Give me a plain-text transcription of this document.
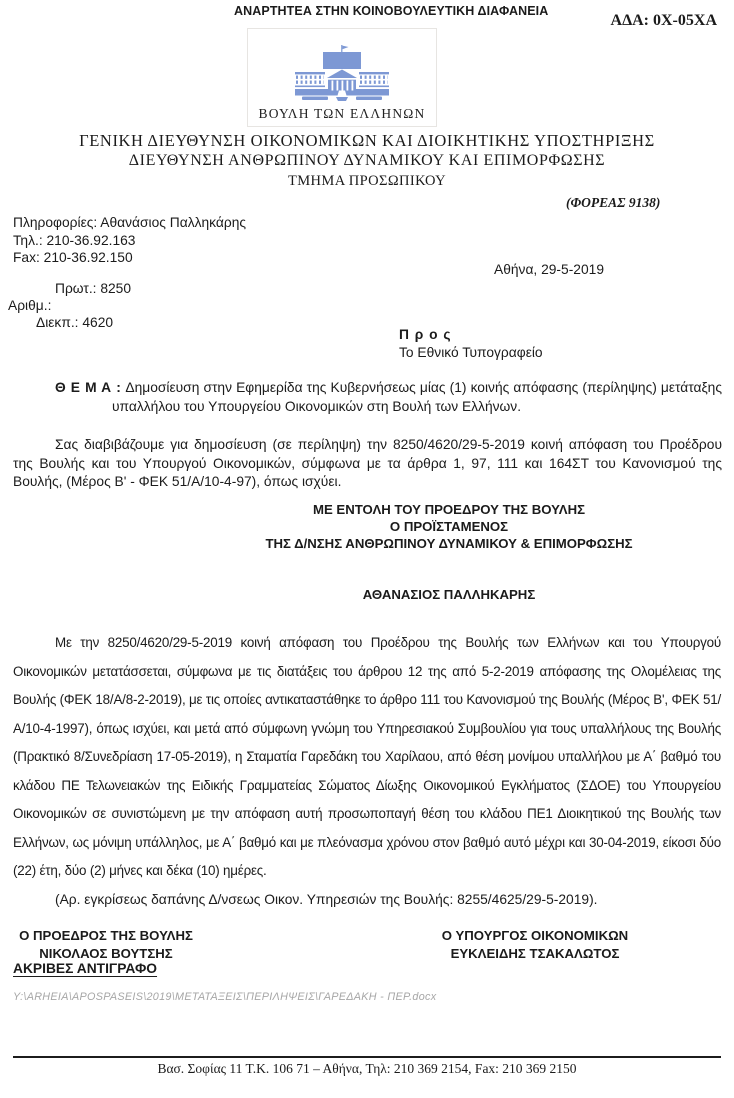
ΑΝΑΡΤΗΤΕΑ ΣΤΗΝ ΚΟΙΝΟΒΟΥΛΕΥΤΙΚΗ ΔΙΑΦΑΝΕΙΑ
ΑΔΑ: 0X-05XA
ΒΟΥΛΗ ΤΩΝ ΕΛΛΗΝΩΝ
ΓΕΝΙΚΗ ΔΙΕΥΘΥΝΣΗ ΟΙΚΟΝΟΜΙΚΩΝ ΚΑΙ ΔΙΟΙΚΗΤΙΚΗΣ ΥΠΟΣΤΗΡΙΞΗΣ
ΔΙΕΥΘΥΝΣΗ ΑΝΘΡΩΠΙΝΟΥ ΔΥΝΑΜΙΚΟΥ ΚΑΙ ΕΠΙΜΟΡΦΩΣΗΣ
ΤΜΗΜΑ ΠΡΟΣΩΠΙΚΟΥ
(ΦΟΡΕΑΣ 9138)
Πληροφορίες: Αθανάσιος Παλληκάρης
Τηλ.: 210-36.92.163
Fax: 210-36.92.150
Αθήνα, 29-5-2019
Πρωτ.: 8250
Αριθμ.:
Διεκπ.: 4620
Π ρ ο ς
Το Εθνικό Τυπογραφείο
Θ Ε Μ Α : Δημοσίευση στην Εφημερίδα της Κυβερνήσεως μίας (1) κοινής απόφασης (περίληψης) μετάταξης υπαλλήλου του Υπουργείου Οικονομικών στη Βουλή των Ελλήνων.
Σας διαβιβάζουμε για δημοσίευση (σε περίληψη) την 8250/4620/29-5-2019 κοινή απόφαση του Προέδρου της Βουλής και του Υπουργού Οικονομικών, σύμφωνα με τα άρθρα 1, 97, 111 και 164ΣΤ του Κανονισμού της Βουλής, (Μέρος Β' - ΦΕΚ 51/Α/10-4-97), όπως ισχύει.
ΜΕ ΕΝΤΟΛΗ ΤΟΥ ΠΡΟΕΔΡΟΥ ΤΗΣ ΒΟΥΛΗΣ
Ο ΠΡΟΪΣΤΑΜΕΝΟΣ
ΤΗΣ Δ/ΝΣΗΣ ΑΝΘΡΩΠΙΝΟΥ ΔΥΝΑΜΙΚΟΥ & ΕΠΙΜΟΡΦΩΣΗΣ
ΑΘΑΝΑΣΙΟΣ ΠΑΛΛΗΚΑΡΗΣ

Με την 8250/4620/29-5-2019 κοινή απόφαση του Προέδρου της Βουλής των Ελλήνων και του Υπουργού Οικονομικών μετατάσσεται, σύμφωνα με τις διατάξεις του άρθρου 12 της από 5-2-2019 απόφασης της Ολομέλειας της Βουλής (ΦΕΚ 18/Α/8-2-2019), με τις οποίες αντικαταστάθηκε το άρθρο 111 του Κανονισμού της Βουλής (Μέρος Β', ΦΕΚ 51/Α/10-4-1997), όπως ισχύει, και μετά από σύμφωνη γνώμη του Υπηρεσιακού Συμβουλίου για τους υπαλλήλους της Βουλής (Πρακτικό 8/Συνεδρίαση 17-05-2019), η Σταματία Γαρεδάκη του Χαρίλαου, από θέση μονίμου υπαλλήλου με Α΄ βαθμό του κλάδου ΠΕ Τελωνειακών της Ειδικής Γραμματείας Σώματος Δίωξης Οικονομικού Εγκλήματος (ΣΔΟΕ) του Υπουργείου Οικονομικών σε συνιστώμενη με την απόφαση αυτή προσωποπαγή θέση του κλάδου ΠΕ1 Διοικητικού της Βουλής των Ελλήνων, ως μόνιμη υπάλληλος, με Α΄ βαθμό και με πλεόνασμα χρόνου στον βαθμό αυτό μέχρι και 30-04-2019, είκοσι δύο (22) έτη, δύο (2) μήνες και δέκα (10) ημέρες.

(Αρ. εγκρίσεως δαπάνης Δ/νσεως Οικον. Υπηρεσιών της Βουλής: 8255/4625/29-5-2019).

Ο ΠΡΟΕΔΡΟΣ ΤΗΣ ΒΟΥΛΗΣ
ΝΙΚΟΛΑΟΣ ΒΟΥΤΣΗΣ
Ο ΥΠΟΥΡΓΟΣ ΟΙΚΟΝΟΜΙΚΩΝ
ΕΥΚΛΕΙΔΗΣ ΤΣΑΚΑΛΩΤΟΣ
ΑΚΡΙΒΕΣ ΑΝΤΙΓΡΑΦΟ
Y:\ARHEIA\APOSPASEIS\2019\ΜΕΤΑΤΑΞΕΙΣ\ΠΕΡΙΛΗΨΕΙΣ\ΓΑΡΕΔΑΚΗ - ΠΕΡ.docx
Βασ. Σοφίας 11 Τ.Κ. 106 71 – Αθήνα, Τηλ: 210 369 2154, Fax: 210 369 2150
